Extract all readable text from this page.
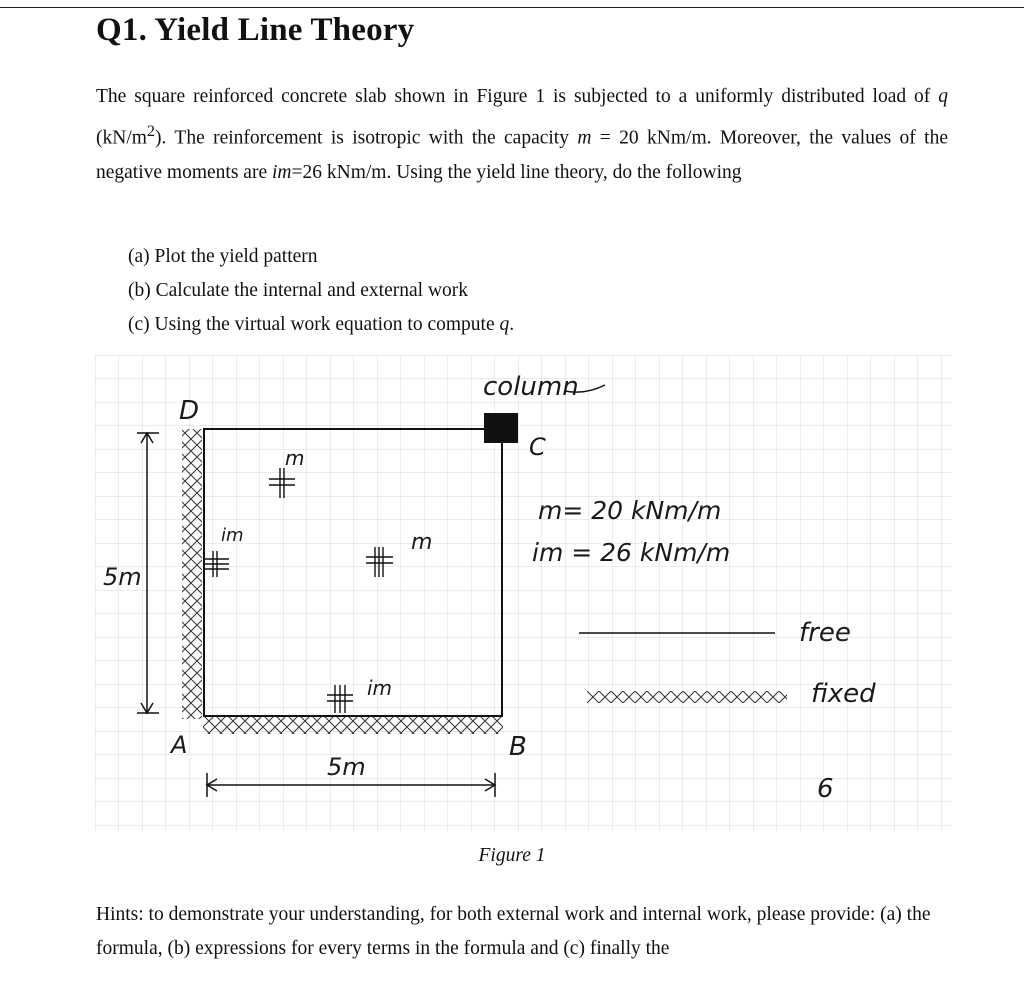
Q1. Yield Line Theory

The square reinforced concrete slab shown in Figure 1 is subjected to a uniformly distributed load of q $(kN/m^2)$. The reinforcement is isotropic with the capacity m = 20 kNm/m. Moreover, the values of the negative moments are im=26 kNm/m. Using the yield line theory, do the following

(a) Plot the yield pattern
(b) Calculate the internal and external work
(c) Using the virtual work equation to compute q.
column
D
C
A	B
5m
5m
m
im	m
im
m= 20 kNm/m
im = 26 kNm/m
free
fixed
6
Figure 1

Hints: to demonstrate your understanding, for both external work and internal work, please provide: (a) the formula, (b) expressions for every terms in the formula and (c) finally the
